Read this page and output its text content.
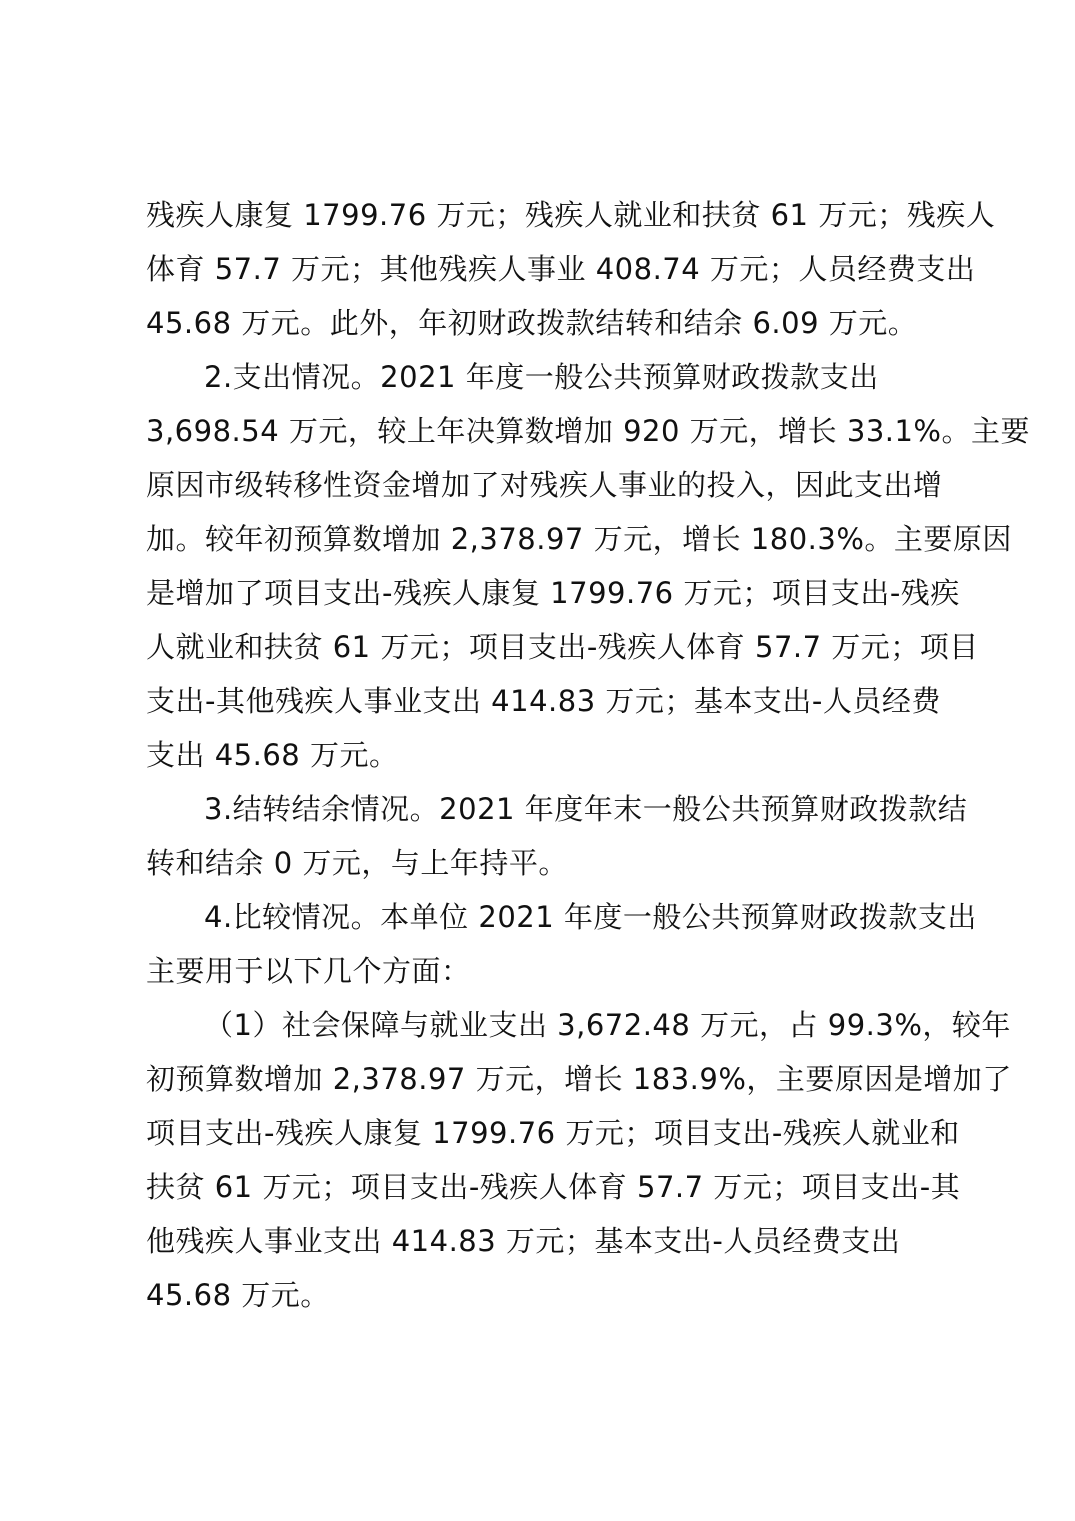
残疾人康复 1799.76 万元；残疾人就业和扶贫 61 万元；残疾人
体育 57.7 万元；其他残疾人事业 408.74 万元；人员经费支出
45.68 万元。此外，年初财政拨款结转和结余 6.09 万元。
2.支出情况。2021 年度一般公共预算财政拨款支出
3,698.54 万元，较上年决算数增加 920 万元，增长 33.1%。主要
原因市级转移性资金增加了对残疾人事业的投入，因此支出增
加。较年初预算数增加 2,378.97 万元，增长 180.3%。主要原因
是增加了项目支出-残疾人康复 1799.76 万元；项目支出-残疾
人就业和扶贫 61 万元；项目支出-残疾人体育 57.7 万元；项目
支出-其他残疾人事业支出 414.83 万元；基本支出-人员经费
支出 45.68 万元。
3.结转结余情况。2021 年度年末一般公共预算财政拨款结
转和结余 0 万元，与上年持平。
4.比较情况。本单位 2021 年度一般公共预算财政拨款支出
主要用于以下几个方面：
（1）社会保障与就业支出 3,672.48 万元，占 99.3%，较年
初预算数增加 2,378.97 万元，增长 183.9%，主要原因是增加了
项目支出-残疾人康复 1799.76 万元；项目支出-残疾人就业和
扶贫 61 万元；项目支出-残疾人体育 57.7 万元；项目支出-其
他残疾人事业支出 414.83 万元；基本支出-人员经费支出
45.68 万元。
